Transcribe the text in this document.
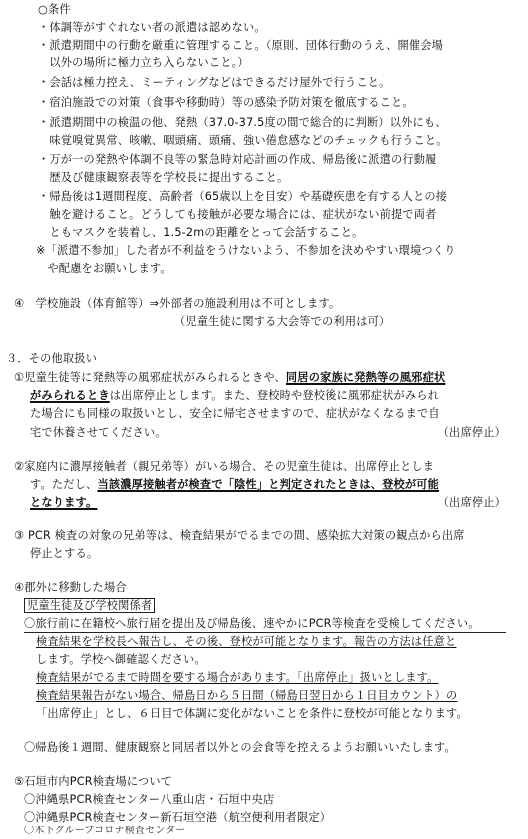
○条件
・体調等がすぐれない者の派遣は認めない。
・派遣期間中の行動を厳重に管理すること。（原則、団体行動のうえ、開催会場
　以外の場所に極力立ち入らないこと。）
・会話は極力控え、ミーティングなどはできるだけ屋外で行うこと。
・宿泊施設での対策（食事や移動時）等の感染予防対策を徹底すること。
・派遣期間中の検温の他、発熱（37.0-37.5度の間で総合的に判断）以外にも、
　味覚嗅覚異常、咳嗽、咽頭痛、頭痛、強い倦怠感などのチェックも行うこと。
・万が一の発熱や体調不良等の緊急時対応計画の作成、帰島後に派遣の行動履
　歴及び健康観察表等を学校長に提出すること。
・帰島後は1週間程度、高齢者（65歳以上を目安）や基礎疾患を有する人との接
　触を避けること。どうしても接触が必要な場合には、症状がない前提で両者
　ともマスクを装着し、1.5-2mの距離をとって会話すること。
※「派遣不参加」した者が不利益をうけないよう、不参加を決めやすい環境つくり
　や配慮をお願いします。
④　学校施設（体育館等）⇒外部者の施設利用は不可とします。
（児童生徒に関する大会等での利用は可）
３．その他取扱い
①児童生徒等に発熱等の風邪症状がみられるときや、同居の家族に発熱等の風邪症状
がみられるときは出席停止とします。また、登校時や登校後に風邪症状がみられ
た場合にも同様の取扱いとし、安全に帰宅させますので、症状がなくなるまで自
宅で休養させてください。	（出席停止）
②家庭内に濃厚接触者（親兄弟等）がいる場合、その児童生徒は、出席停止としま
す。ただし、当該濃厚接触者が検査で「陰性」と判定されたときは、登校が可能
となります。	（出席停止）
③ PCR 検査の対象の兄弟等は、検査結果がでるまでの間、感染拡大対策の観点から出席
停止とする。
④郡外に移動した場合
児童生徒及び学校関係者
〇旅行前に在籍校へ旅行届を提出及び帰島後、速やかにPCR等検査を受検してください。
検査結果を学校長へ報告し、その後、登校が可能となります。報告の方法は任意と
します。学校へ御確認ください。
検査結果がでるまで時間を要する場合があります。「出席停止」扱いとします。
検査結果報告がない場合、帰島日から５日間（帰島日翌日から１日目カウント）の
「出席停止」とし、６日目で体調に変化がないことを条件に登校が可能となります。
〇帰島後１週間、健康観察と同居者以外との会食等を控えるようお願いいたします。
⑤石垣市内PCR検査場について
〇沖縄県PCR検査センター八重山店・石垣中央店
〇沖縄県PCR検査センター新石垣空港（航空便利用者限定）
〇木下グループコロナ検査センター
